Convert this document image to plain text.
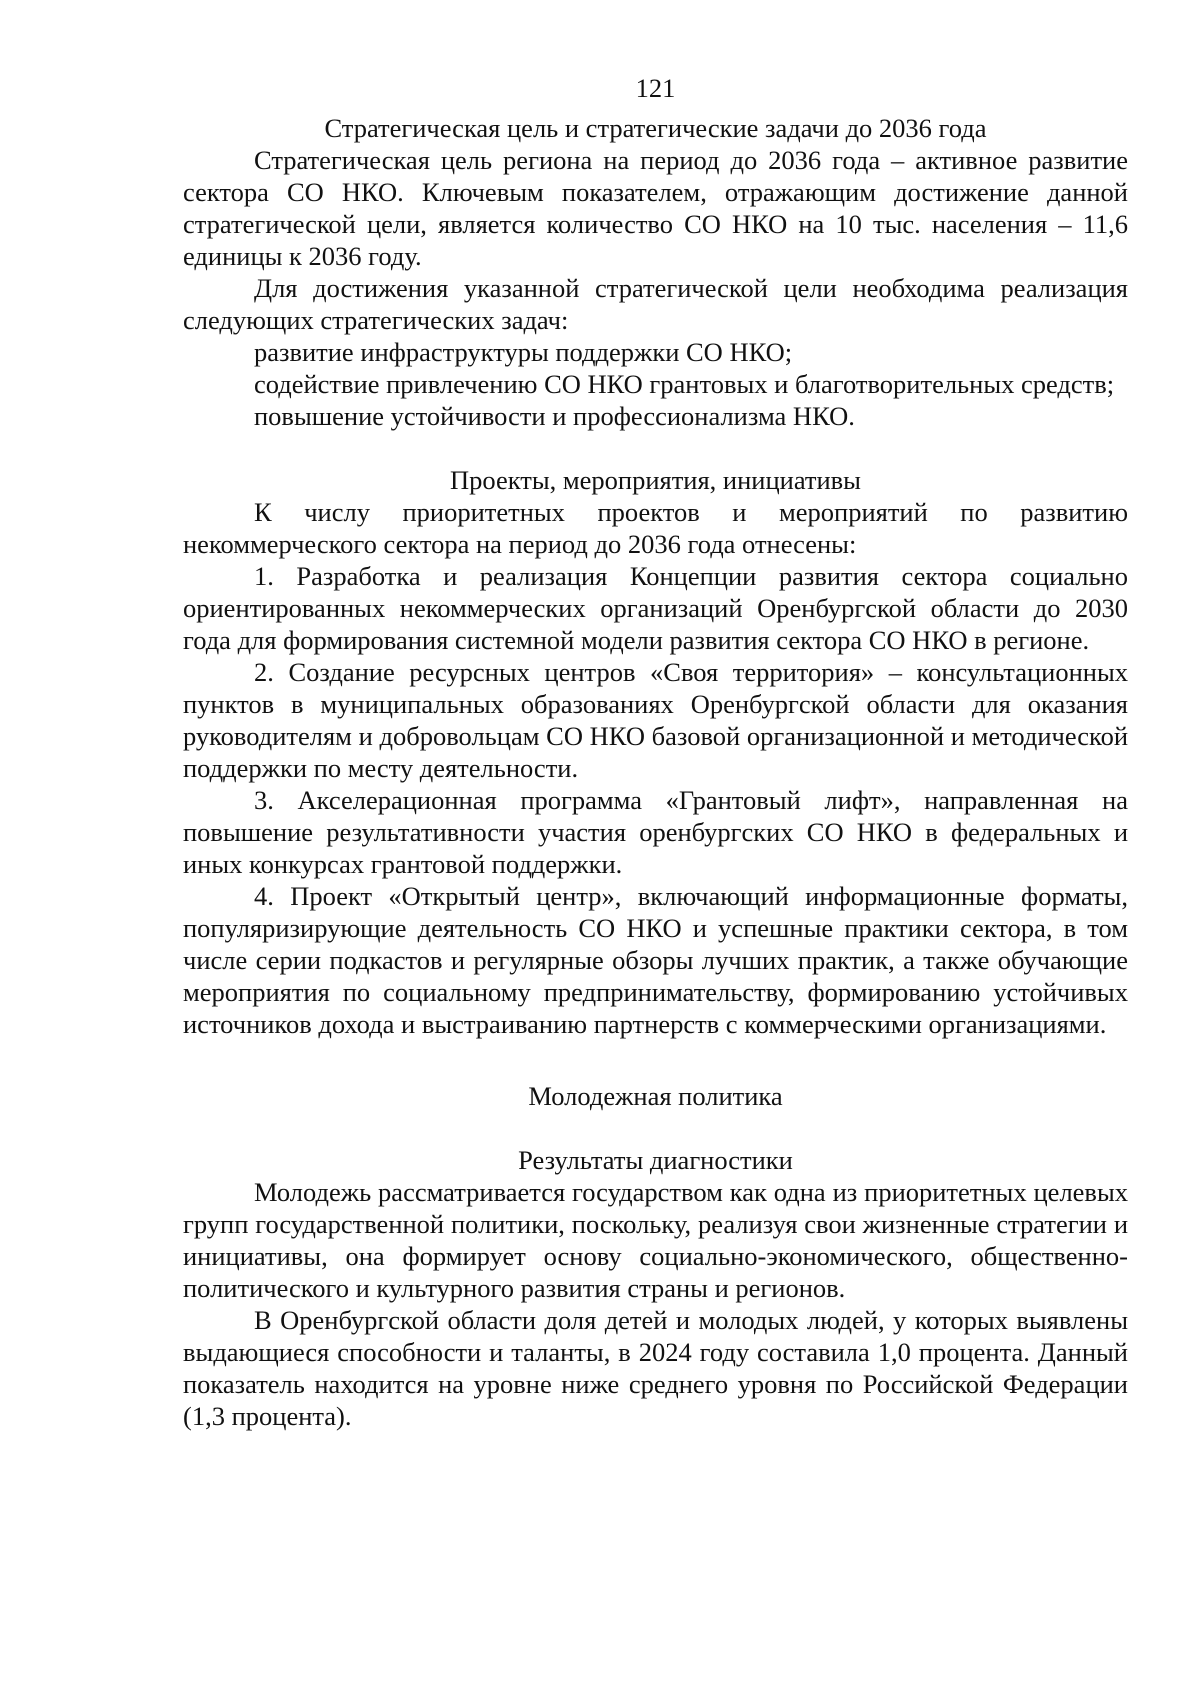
121
Стратегическая цель и стратегические задачи до 2036 года

Стратегическая цель региона на период до 2036 года – активное развитие сектора СО НКО. Ключевым показателем, отражающим достижение данной стратегической цели, является количество СО НКО на 10 тыс. населения – 11,6 единицы к 2036 году.

Для достижения указанной стратегической цели необходима реализация следующих стратегических задач:

развитие инфраструктуры поддержки СО НКО;

содействие привлечению СО НКО грантовых и благотворительных средств;

повышение устойчивости и профессионализма НКО.

Проекты, мероприятия, инициативы

К числу приоритетных проектов и мероприятий по развитию некоммерческого сектора на период до 2036 года отнесены:

1. Разработка и реализация Концепции развития сектора социально ориентированных некоммерческих организаций Оренбургской области до 2030 года для формирования системной модели развития сектора СО НКО в регионе.

2. Создание ресурсных центров «Своя территория» – консультационных пунктов в муниципальных образованиях Оренбургской области для оказания руководителям и добровольцам СО НКО базовой организационной и методической поддержки по месту деятельности.

3. Акселерационная программа «Грантовый лифт», направленная на повышение результативности участия оренбургских СО НКО в федеральных и иных конкурсах грантовой поддержки.

4. Проект «Открытый центр», включающий информационные форматы, популяризирующие деятельность СО НКО и успешные практики сектора, в том числе серии подкастов и регулярные обзоры лучших практик, а также обучающие мероприятия по социальному предпринимательству, формированию устойчивых источников дохода и выстраиванию партнерств с коммерческими организациями.

Молодежная политика
Результаты диагностики

Молодежь рассматривается государством как одна из приоритетных целевых групп государственной политики, поскольку, реализуя свои жизненные стратегии и инициативы, она формирует основу социально-экономического, общественно-политического и культурного развития страны и регионов.

В Оренбургской области доля детей и молодых людей, у которых выявлены выдающиеся способности и таланты, в 2024 году составила 1,0 процента. Данный показатель находится на уровне ниже среднего уровня по Российской Федерации (1,3 процента).
